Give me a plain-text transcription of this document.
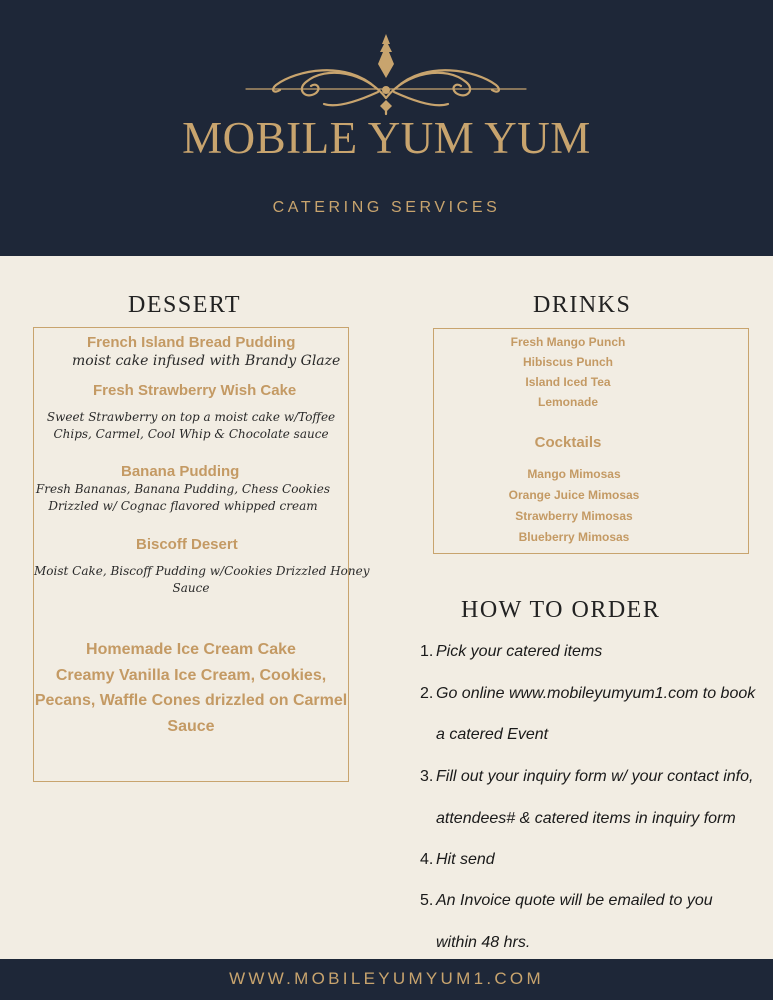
MOBILE YUM YUM
CATERING SERVICES
DESSERT
French Island Bread Pudding
moist cake infused with Brandy Glaze
Fresh Strawberry Wish Cake
Sweet Strawberry on top a moist cake w/Toffee
Chips, Carmel, Cool Whip & Chocolate sauce
Banana Pudding
Fresh Bananas, Banana Pudding, Chess Cookies
Drizzled w/ Cognac flavored whipped cream
Biscoff Desert
Moist Cake, Biscoff Pudding w/Cookies Drizzled Honey
Sauce
Homemade Ice Cream Cake
Creamy Vanilla Ice Cream, Cookies,
Pecans, Waffle Cones drizzled on Carmel
Sauce
DRINKS
Fresh Mango Punch
Hibiscus Punch
Island Iced Tea
Lemonade
Cocktails
Mango Mimosas
Orange Juice Mimosas
Strawberry Mimosas
Blueberry Mimosas
HOW TO ORDER
1. Pick your catered items
2. Go online www.mobileyumyum1.com to book
a catered Event
3. Fill out your inquiry form w/ your contact info,
attendees# & catered items in inquiry form
4. Hit send
5. An Invoice quote will be emailed to you
within 48 hrs.
WWW.MOBILEYUMYUM1.COM
